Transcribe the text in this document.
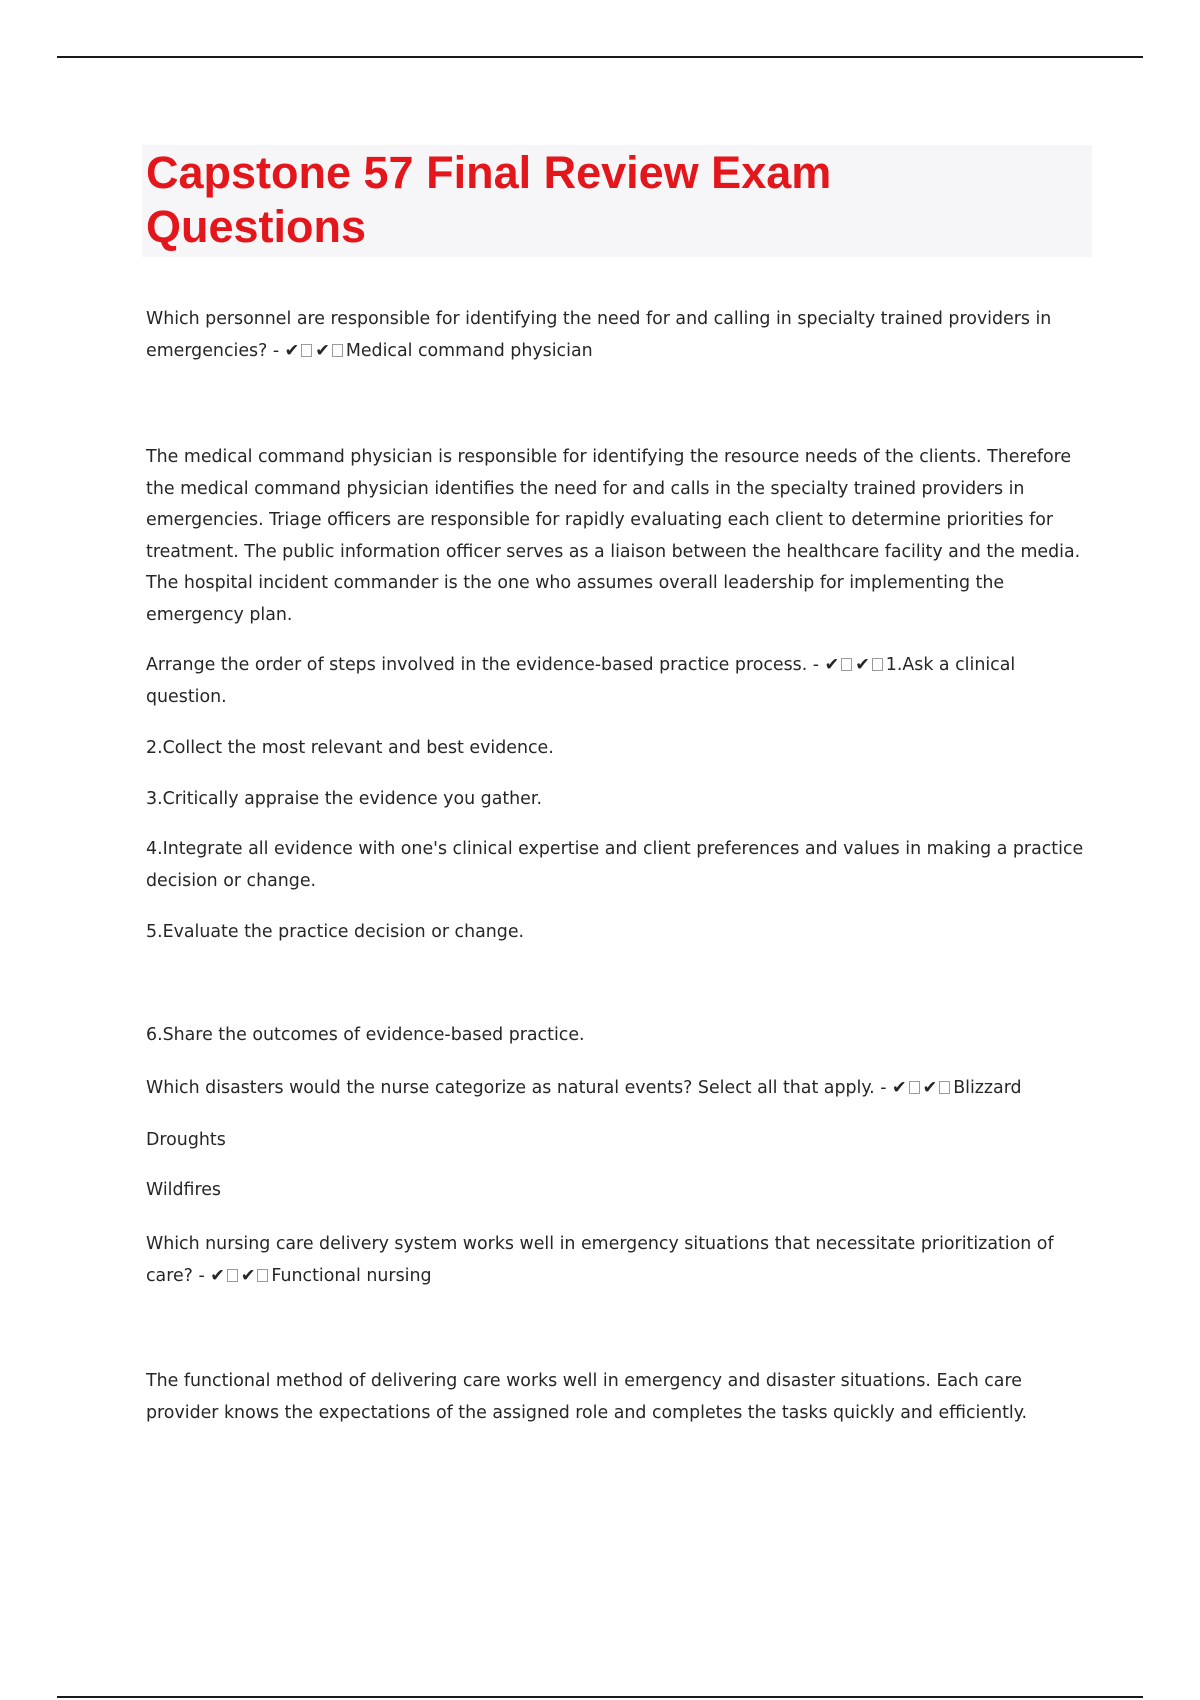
Capstone 57 Final Review Exam Questions

Which personnel are responsible for identifying the need for and calling in specialty trained providers in emergencies? - ✔ ✔ Medical command physician

The medical command physician is responsible for identifying the resource needs of the clients. Therefore the medical command physician identifies the need for and calls in the specialty trained providers in emergencies. Triage officers are responsible for rapidly evaluating each client to determine priorities for treatment. The public information officer serves as a liaison between the healthcare facility and the media. The hospital incident commander is the one who assumes overall leadership for implementing the emergency plan.

Arrange the order of steps involved in the evidence-based practice process. - ✔ ✔ 1.Ask a clinical question.

2.Collect the most relevant and best evidence.

3.Critically appraise the evidence you gather.

4.Integrate all evidence with one's clinical expertise and client preferences and values in making a practice decision or change.

5.Evaluate the practice decision or change.

6.Share the outcomes of evidence-based practice.

Which disasters would the nurse categorize as natural events? Select all that apply. - ✔ ✔ Blizzard

Droughts

Wildfires

Which nursing care delivery system works well in emergency situations that necessitate prioritization of care? - ✔ ✔ Functional nursing

The functional method of delivering care works well in emergency and disaster situations. Each care provider knows the expectations of the assigned role and completes the tasks quickly and efficiently.
